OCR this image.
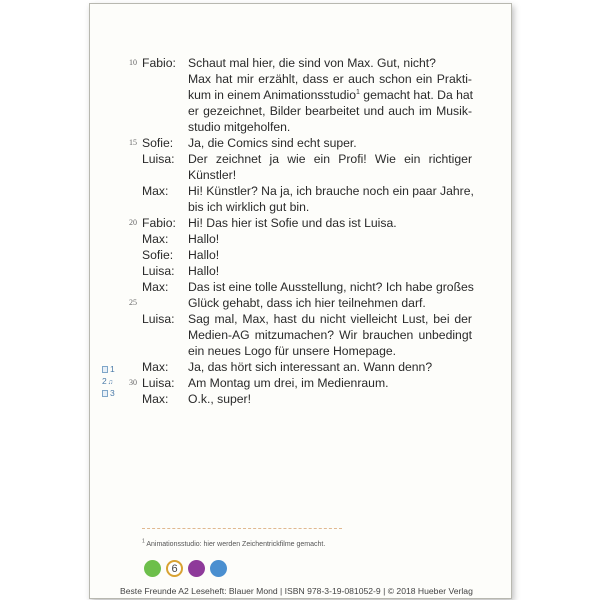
10 Fabio: Schaut mal hier, die sind von Max. Gut, nicht?
Max hat mir erzählt, dass er auch schon ein Prakti-
kum in einem Animationsstudio$^1$ gemacht hat. Da hat
er gezeichnet, Bilder bearbeitet und auch im Musik-
studio mitgeholfen.
15 Sofie: Ja, die Comics sind echt super.
Luisa: Der zeichnet ja wie ein Profi! Wie ein richtiger
Künstler!
Max: Hi! Künstler? Na ja, ich brauche noch ein paar Jahre,
bis ich wirklich gut bin.
20 Fabio: Hi! Das hier ist Sofie und das ist Luisa.
Max: Hallo!
Sofie: Hallo!
Luisa: Hallo!
Max: Das ist eine tolle Ausstellung, nicht? Ich habe großes
25	Glück gehabt, dass ich hier teilnehmen darf.
Luisa: Sag mal, Max, hast du nicht vielleicht Lust, bei der
Medien-AG mitzumachen? Wir brauchen unbedingt
ein neues Logo für unsere Homepage.
Max: Ja, das hört sich interessant an. Wann denn?
30 Luisa: Am Montag um drei, im Medienraum.
Max: O.k., super!
1
2♫
3
$^1$ Animationsstudio: hier werden Zeichentrickfilme gemacht.
6
Beste Freunde A2 Leseheft: Blauer Mond | ISBN 978-3-19-081052-9 | © 2018 Hueber Verlag
